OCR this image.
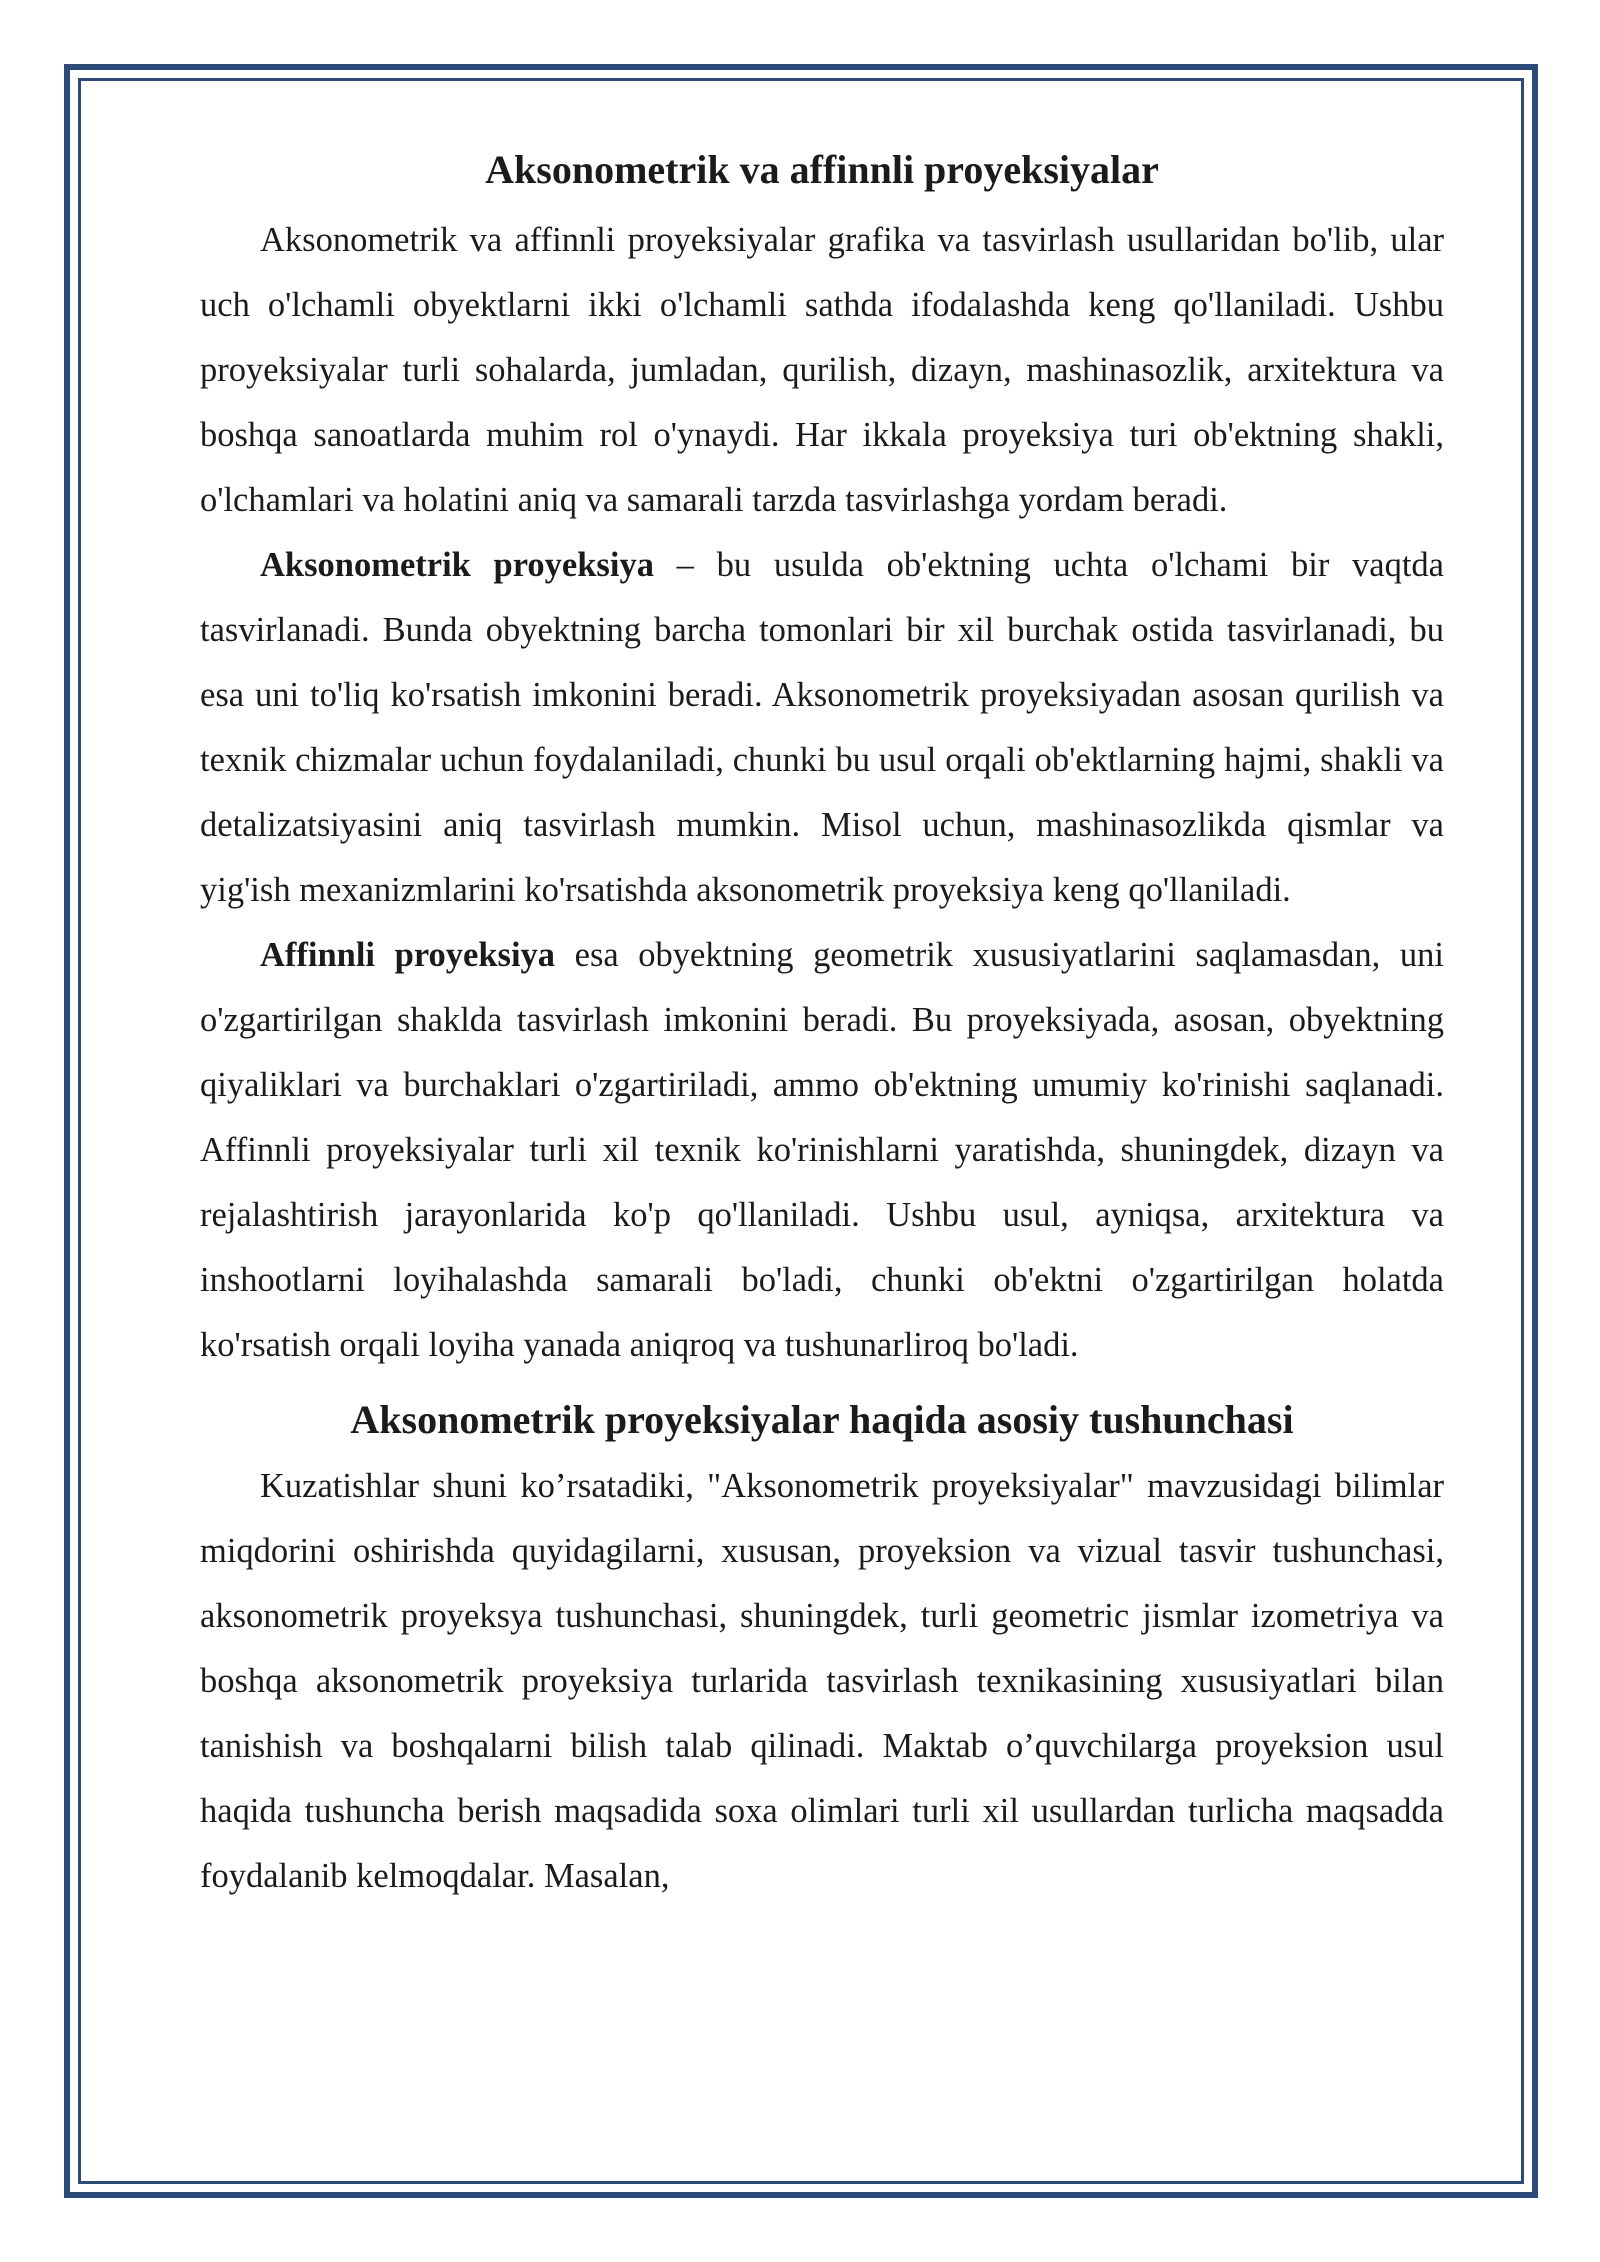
Aksonometrik va affinnli proyeksiyalar

Aksonometrik va affinnli proyeksiyalar grafika va tasvirlash usullaridan bo'lib, ular uch o'lchamli obyektlarni ikki o'lchamli sathda ifodalashda keng qo'llaniladi. Ushbu proyeksiyalar turli sohalarda, jumladan, qurilish, dizayn, mashinasozlik, arxitektura va boshqa sanoatlarda muhim rol o'ynaydi. Har ikkala proyeksiya turi ob'ektning shakli, o'lchamlari va holatini aniq va samarali tarzda tasvirlashga yordam beradi.

Aksonometrik proyeksiya – bu usulda ob'ektning uchta o'lchami bir vaqtda tasvirlanadi. Bunda obyektning barcha tomonlari bir xil burchak ostida tasvirlanadi, bu esa uni to'liq ko'rsatish imkonini beradi. Aksonometrik proyeksiyadan asosan qurilish va texnik chizmalar uchun foydalaniladi, chunki bu usul orqali ob'ektlarning hajmi, shakli va detalizatsiyasini aniq tasvirlash mumkin. Misol uchun, mashinasozlikda qismlar va yig'ish mexanizmlarini ko'rsatishda aksonometrik proyeksiya keng qo'llaniladi.

Affinnli proyeksiya esa obyektning geometrik xususiyatlarini saqlamasdan, uni o'zgartirilgan shaklda tasvirlash imkonini beradi. Bu proyeksiyada, asosan, obyektning qiyaliklari va burchaklari o'zgartiriladi, ammo ob'ektning umumiy ko'rinishi saqlanadi. Affinnli proyeksiyalar turli xil texnik ko'rinishlarni yaratishda, shuningdek, dizayn va rejalashtirish jarayonlarida ko'p qo'llaniladi. Ushbu usul, ayniqsa, arxitektura va inshootlarni loyihalashda samarali bo'ladi, chunki ob'ektni o'zgartirilgan holatda ko'rsatish orqali loyiha yanada aniqroq va tushunarliroq bo'ladi.

Aksonometrik proyeksiyalar haqida asosiy tushunchasi

Kuzatishlar shuni ko’rsatadiki, "Aksonometrik proyeksiyalar" mavzusidagi bilimlar miqdorini oshirishda quyidagilarni, xususan, proyeksion va vizual tasvir tushunchasi, aksonometrik proyeksya tushunchasi, shuningdek, turli geometric jismlar izometriya va boshqa aksonometrik proyeksiya turlarida tasvirlash texnikasining xususiyatlari bilan tanishish va boshqalarni bilish talab qilinadi. Maktab o’quvchilarga proyeksion usul haqida tushuncha berish maqsadida soxa olimlari turli xil usullardan turlicha maqsadda foydalanib kelmoqdalar. Masalan,
